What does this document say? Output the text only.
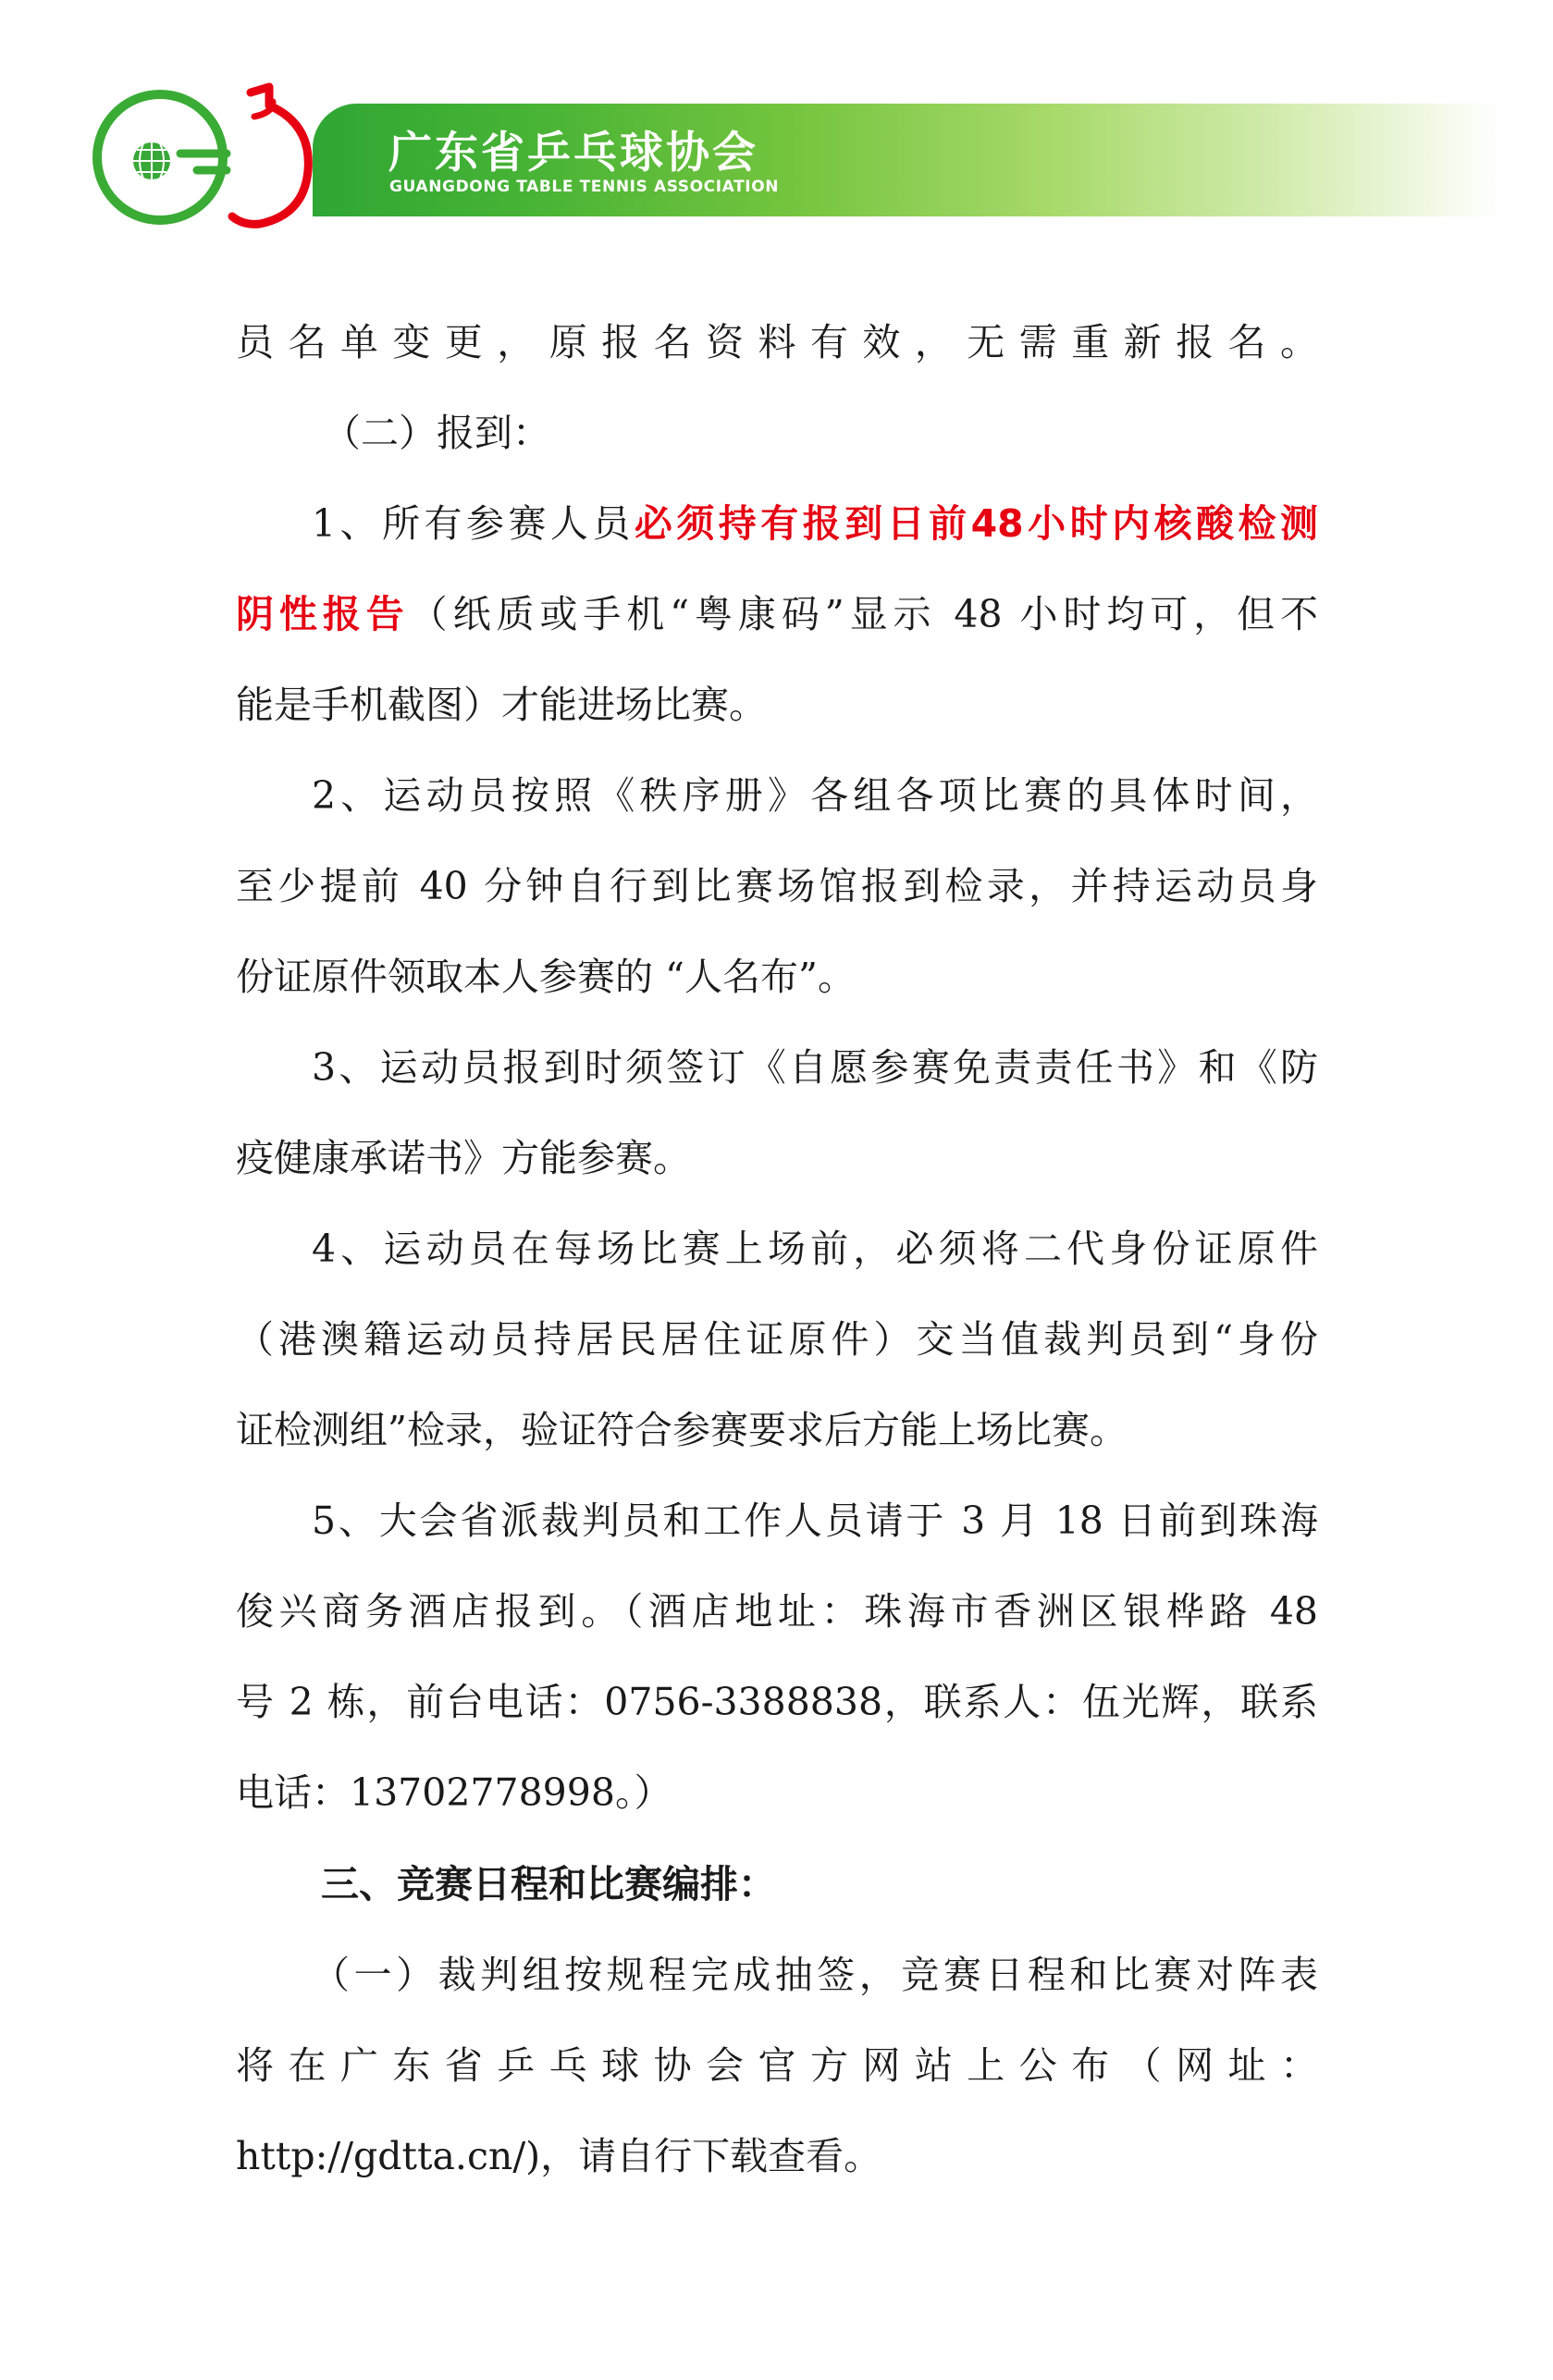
广东省乒乓球协会
GUANGDONG TABLE TENNIS ASSOCIATION
员名单变更，原报名资料有效，无需重新报名。
（二）报到：
1、所有参赛人员必须持有报到日前48小时内核酸检测
阴性报告（纸质或手机“粤康码”显示 48 小时均可，但不
能是手机截图）才能进场比赛。
2、运动员按照《秩序册》各组各项比赛的具体时间，
至少提前 40 分钟自行到比赛场馆报到检录，并持运动员身
份证原件领取本人参赛的 “人名布”。
3、运动员报到时须签订《自愿参赛免责责任书》和《防
疫健康承诺书》方能参赛。
4、运动员在每场比赛上场前，必须将二代身份证原件
（港澳籍运动员持居民居住证原件）交当值裁判员到“身份
证检测组”检录，验证符合参赛要求后方能上场比赛。
5、大会省派裁判员和工作人员请于 3 月 18 日前到珠海
俊兴商务酒店报到。（酒店地址：珠海市香洲区银桦路 48
号 2 栋，前台电话：0756-3388838，联系人：伍光辉，联系
电话：13702778998。）
三、竞赛日程和比赛编排：
（一）裁判组按规程完成抽签，竞赛日程和比赛对阵表
将在广东省乒乓球协会官方网站上公布（网址：
http://gdtta.cn/)，请自行下载查看。
